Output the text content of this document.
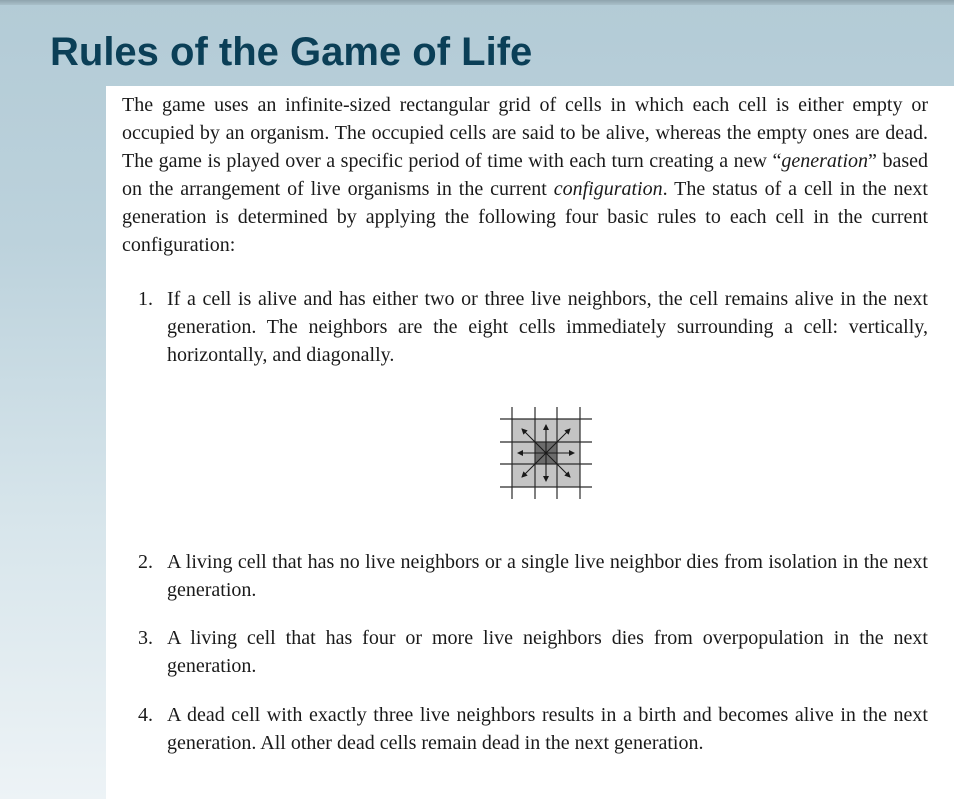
Rules of the Game of Life

The game uses an infinite-sized rectangular grid of cells in which each cell is either empty or occupied by an organism. The occupied cells are said to be alive, whereas the empty ones are dead. The game is played over a specific period of time with each turn creating a new “generation” based on the arrangement of live organisms in the current configuration. The status of a cell in the next generation is determined by applying the following four basic rules to each cell in the current configuration:

1. If a cell is alive and has either two or three live neighbors, the cell remains alive in the next generation. The neighbors are the eight cells immediately surrounding a cell: vertically, horizontally, and diagonally.

2. A living cell that has no live neighbors or a single live neighbor dies from isolation in the next generation.

3. A living cell that has four or more live neighbors dies from overpopulation in the next generation.

4. A dead cell with exactly three live neighbors results in a birth and becomes alive in the next generation. All other dead cells remain dead in the next generation.
